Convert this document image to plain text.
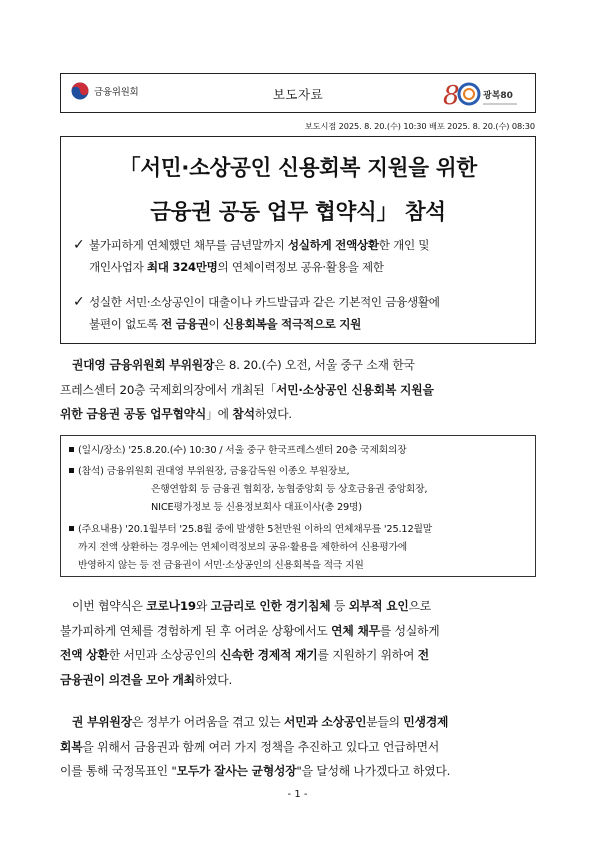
금융위원회	보도자료	8	광복80
보도시점 2025. 8. 20.(수) 10:30 배포 2025. 8. 20.(수) 08:30
「서민·소상공인 신용회복 지원을 위한
금융권 공동 업무 협약식」 참석
✓ 불가피하게 연체했던 채무를 금년말까지 성실하게 전액상환한 개인 및
개인사업자 최대 324만명의 연체이력정보 공유·활용을 제한
✓ 성실한 서민·소상공인이 대출이나 카드발급과 같은 기본적인 금융생활에
불편이 없도록 전 금융권이 신용회복을 적극적으로 지원
권대영 금융위원회 부위원장은 8. 20.(수) 오전, 서울 중구 소재 한국
프레스센터 20층 국제회의장에서 개최된「서민·소상공인 신용회복 지원을
위한 금융권 공동 업무협약식」에 참석하였다.
(일시/장소) '25.8.20.(수) 10:30 / 서울 중구 한국프레스센터 20층 국제회의장
(참석) 금융위원회 권대영 부위원장, 금융감독원 이종오 부원장보,
은행연합회 등 금융권 협회장, 농협중앙회 등 상호금융권 중앙회장,
NICE평가정보 등 신용정보회사 대표이사(총 29명)
(주요내용) '20.1월부터 '25.8월 중에 발생한 5천만원 이하의 연체채무를 '25.12월말
까지 전액 상환하는 경우에는 연체이력정보의 공유·활용을 제한하여 신용평가에
반영하지 않는 등 전 금융권이 서민·소상공인의 신용회복을 적극 지원
이번 협약식은 코로나19와 고금리로 인한 경기침체 등 외부적 요인으로
불가피하게 연체를 경험하게 된 후 어려운 상황에서도 연체 채무를 성실하게
전액 상환한 서민과 소상공인의 신속한 경제적 재기를 지원하기 위하여 전
금융권이 의견을 모아 개최하였다.
권 부위원장은 정부가 어려움을 겪고 있는 서민과 소상공인분들의 민생경제
회복을 위해서 금융권과 함께 여러 가지 정책을 추진하고 있다고 언급하면서
이를 통해 국정목표인 "모두가 잘사는 균형성장"을 달성해 나가겠다고 하였다.
- 1 -
